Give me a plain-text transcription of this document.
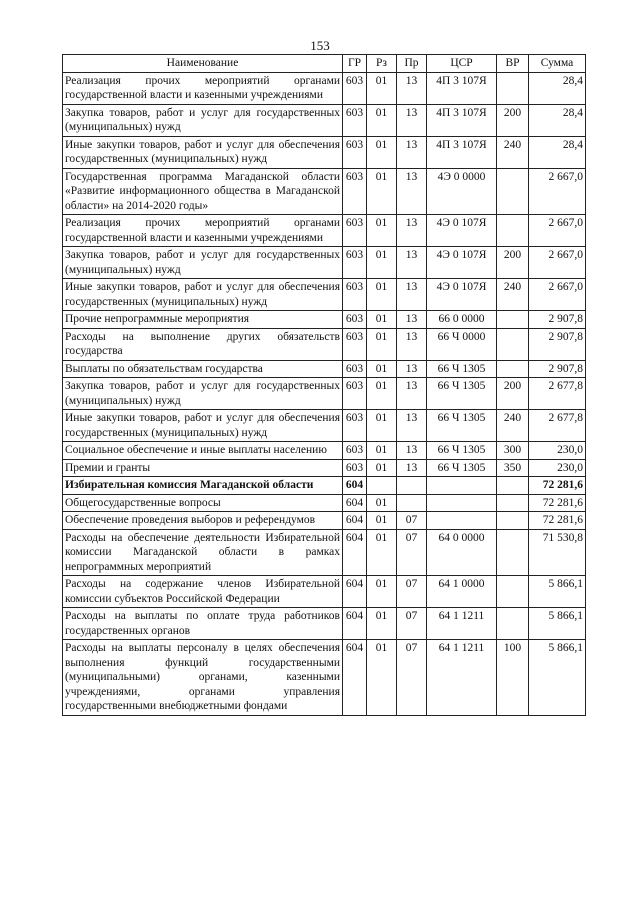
153
Наименование	ГР	Рз	Пр	ЦСР	ВР	Сумма
Реализация прочих мероприятий органами государственной власти и казенными учреждениями	603	01	13	4П 3 107Я		28,4
Закупка товаров, работ и услуг для государственных (муниципальных) нужд	603	01	13	4П 3 107Я	200	28,4
Иные закупки товаров, работ и услуг для обеспечения государственных (муниципальных) нужд	603	01	13	4П 3 107Я	240	28,4
Государственная программа Магаданской области «Развитие информационного общества в Магаданской области» на 2014-2020 годы»	603	01	13	4Э 0 0000		2 667,0
Реализация прочих мероприятий органами государственной власти и казенными учреждениями	603	01	13	4Э 0 107Я		2 667,0
Закупка товаров, работ и услуг для государственных (муниципальных) нужд	603	01	13	4Э 0 107Я	200	2 667,0
Иные закупки товаров, работ и услуг для обеспечения государственных (муниципальных) нужд	603	01	13	4Э 0 107Я	240	2 667,0
Прочие непрограммные мероприятия	603	01	13	66 0 0000		2 907,8
Расходы на выполнение других обязательств государства	603	01	13	66 Ч 0000		2 907,8
Выплаты по обязательствам государства	603	01	13	66 Ч 1305		2 907,8
Закупка товаров, работ и услуг для государственных (муниципальных) нужд	603	01	13	66 Ч 1305	200	2 677,8
Иные закупки товаров, работ и услуг для обеспечения государственных (муниципальных) нужд	603	01	13	66 Ч 1305	240	2 677,8
Социальное обеспечение и иные выплаты населению	603	01	13	66 Ч 1305	300	230,0
Премии и гранты	603	01	13	66 Ч 1305	350	230,0
Избирательная комиссия Магаданской области	604					72 281,6
Общегосударственные вопросы	604	01				72 281,6
Обеспечение проведения выборов и референдумов	604	01	07			72 281,6
Расходы на обеспечение деятельности Избирательной комиссии Магаданской области в рамках непрограммных мероприятий	604	01	07	64 0 0000		71 530,8
Расходы на содержание членов Избирательной комиссии субъектов Российской Федерации	604	01	07	64 1 0000		5 866,1
Расходы на выплаты по оплате труда работников государственных органов	604	01	07	64 1 1211		5 866,1
Расходы на выплаты персоналу в целях обеспечения выполнения функций государственными (муниципальными) органами, казенными учреждениями, органами управления государственными внебюджетными фондами	604	01	07	64 1 1211	100	5 866,1
